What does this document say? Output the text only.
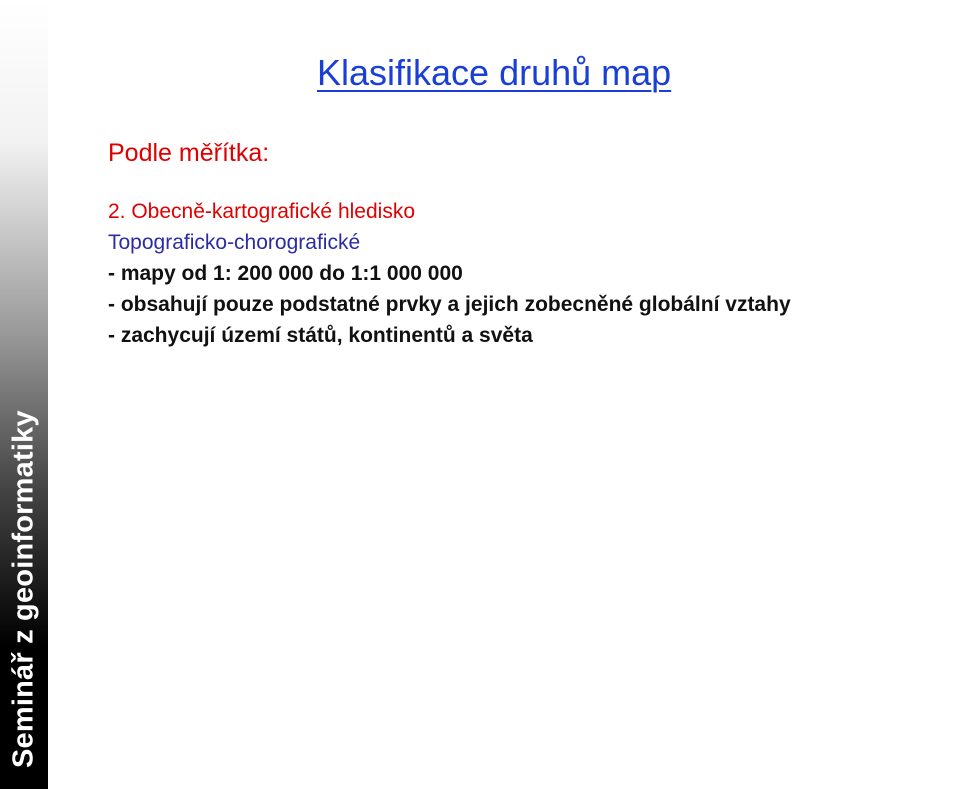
Seminář z geoinformatiky
Klasifikace druhů map
Podle měřítka:
2. Obecně-kartografické hledisko
Topograficko-chorografické
- mapy od 1: 200 000 do 1:1 000 000
- obsahují pouze podstatné prvky a jejich zobecněné globální vztahy
- zachycují území států, kontinentů a světa
